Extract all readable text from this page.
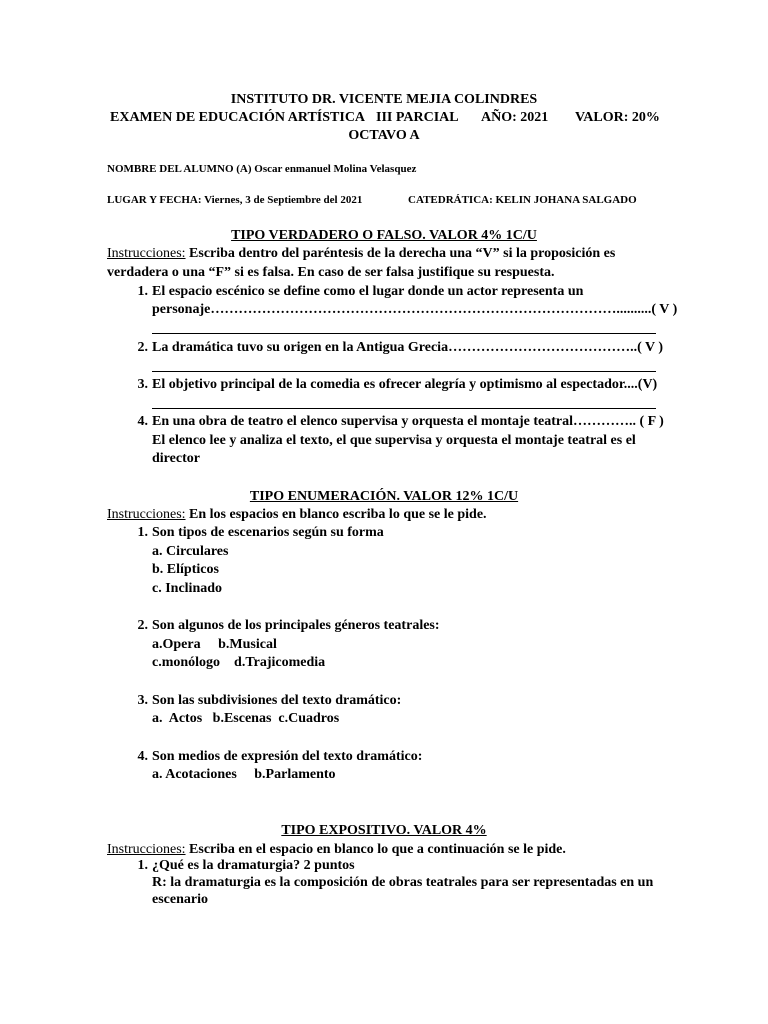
INSTITUTO DR. VICENTE MEJIA COLINDRES
EXAMEN DE EDUCACIÓN ARTÍSTICA III PARCIAL AÑO: 2021 VALOR: 20%
OCTAVO A
NOMBRE DEL ALUMNO (A) Oscar enmanuel Molina Velasquez
LUGAR Y FECHA: Viernes, 3 de Septiembre del 2021	CATEDRÁTICA: KELIN JOHANA SALGADO
TIPO VERDADERO O FALSO. VALOR 4% 1C/U
Instrucciones: Escriba dentro del paréntesis de la derecha una “V” si la proposición es
verdadera o una “F” si es falsa. En caso de ser falsa justifique su respuesta.
1. El espacio escénico se define como el lugar donde un actor representa un
personaje……………………………………………………………………………..........( V )
2. La dramática tuvo su origen en la Antigua Grecia…………………………………..( V )
3. El objetivo principal de la comedia es ofrecer alegría y optimismo al espectador....(V)
4. En una obra de teatro el elenco supervisa y orquesta el montaje teatral………….. ( F )
El elenco lee y analiza el texto, el que supervisa y orquesta el montaje teatral es el
director
TIPO ENUMERACIÓN. VALOR 12% 1C/U
Instrucciones: En los espacios en blanco escriba lo que se le pide.
1. Son tipos de escenarios según su forma
a. Circulares
b. Elípticos
c. Inclinado
2. Son algunos de los principales géneros teatrales:
a.Opera     b.Musical
c.monólogo    d.Trajicomedia
3. Son las subdivisiones del texto dramático:
a.  Actos   b.Escenas  c.Cuadros
4. Son medios de expresión del texto dramático:
a. Acotaciones     b.Parlamento
TIPO EXPOSITIVO. VALOR 4%
Instrucciones: Escriba en el espacio en blanco lo que a continuación se le pide.
1. ¿Qué es la dramaturgia? 2 puntos
R: la dramaturgia es la composición de obras teatrales para ser representadas en un
escenario
